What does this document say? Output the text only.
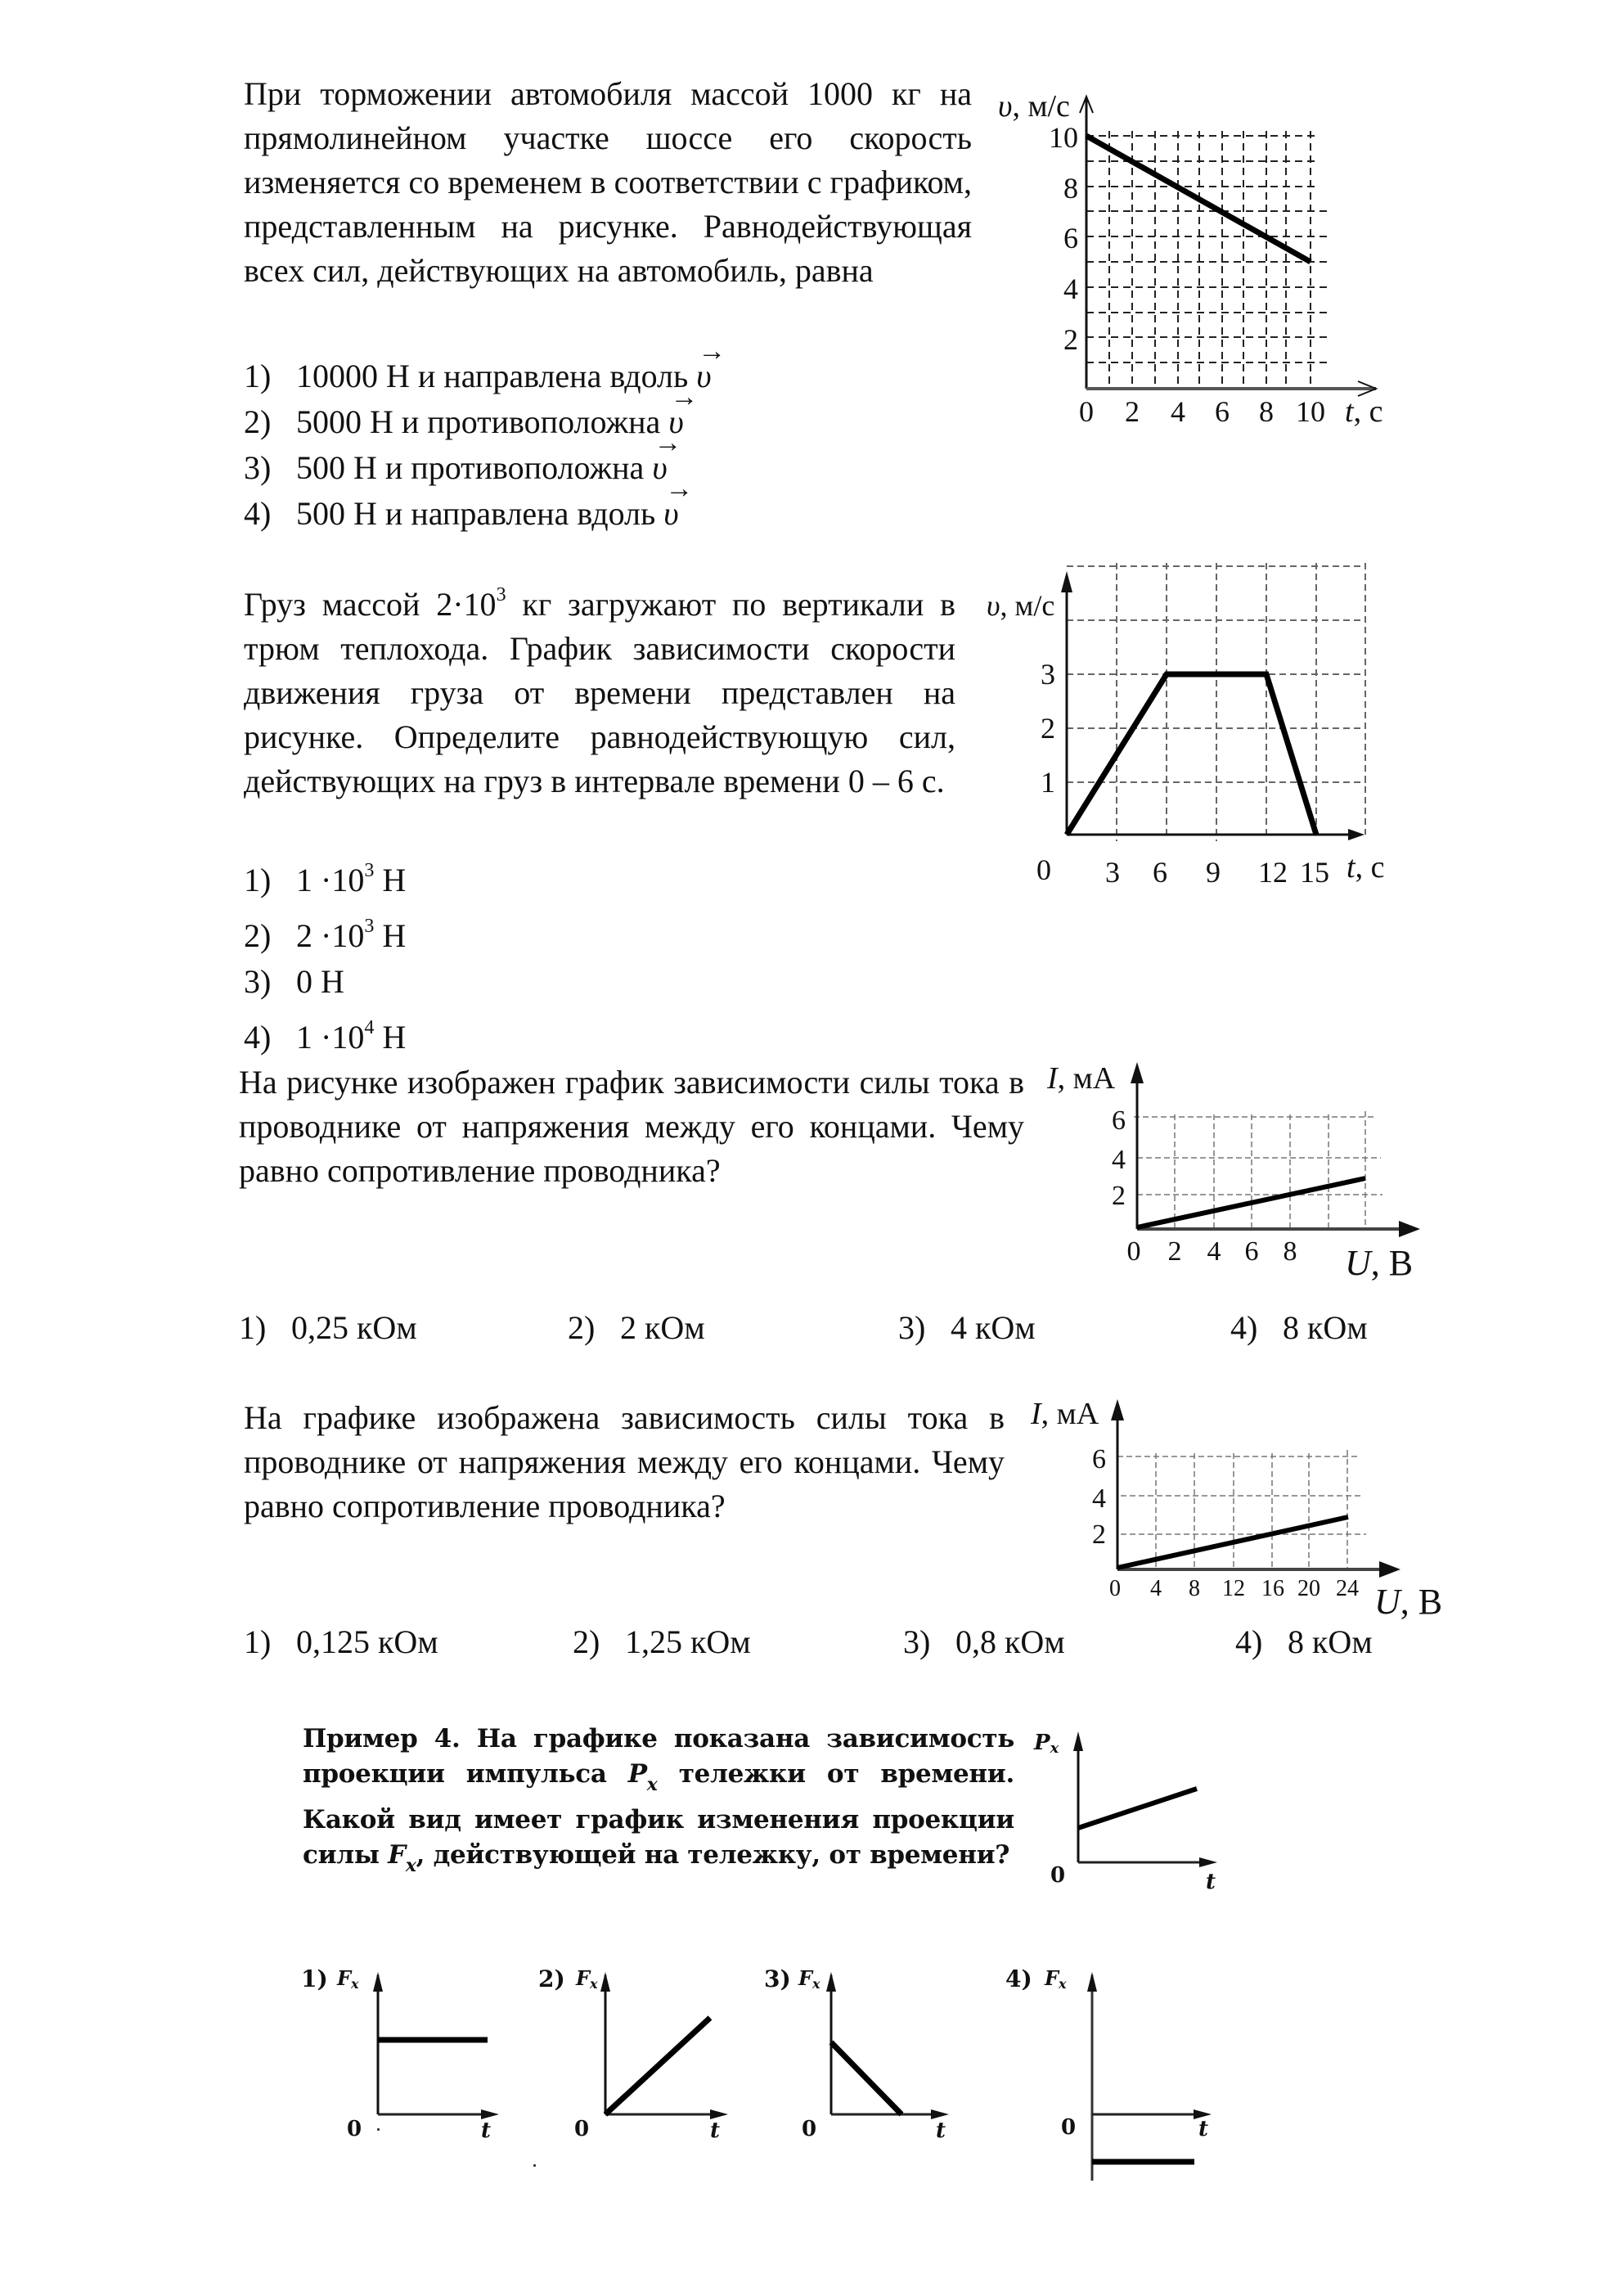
При торможении автомобиля массой 1000 кг на прямолинейном участке шоссе его скорость изменяется со временем в соответствии с графиком, представленным на рисунке. Равнодействующая всех сил, действующих на автомобиль, равна

1) 10000 Н и направлена вдоль → υ
2) 5000 Н и противоположна → υ
3) 500 Н и противоположна → υ
4) 500 Н и направлена вдоль → υ
υ, м/с
10
8
6
4
2
0 2 4 6 8 10 t, с

Груз массой $2\cdot 10^3$ кг загружают по вертикали в трюм теплохода. График зависимости скорости движения груза от времени представлен на рисунке. Определите равнодействующую сил, действующих на груз в интервале времени 0 – 6 с.

1) $1 \cdot 10^3$ Н
2) $2 \cdot 10^3$ Н
3) 0 Н
4) $1 \cdot 10^4$ Н
υ, м/с
3
2
1
0 3 6 9 12 15 t, с

На рисунке изображен график зависимости силы тока в проводнике от напряжения между его концами. Чему равно сопротивление проводника?

1) 0,25 кОм	2) 2 кОм	3) 4 кОм	4) 8 кОм
I, мА
6
4
2
0 2 4 6 8 U, В

На графике изображена зависимость силы тока в проводнике от напряжения между его концами. Чему равно сопротивление проводника?

1) 0,125 кОм	2) 1,25 кОм	3) 0,8 кОм	4) 8 кОм
I, мА
6
4
2
0 4 8 12 16 20 24 U, В

Пример 4. На графике показана зависимость проекции импульса $P_x$ тележки от времени. Какой вид имеет график изменения проекции силы $F_x$, действующей на тележку, от времени?

Px
0	t
1) Fx
0	t
2) Fx
0	t
3) Fx
0	t
4) Fx
0	t
